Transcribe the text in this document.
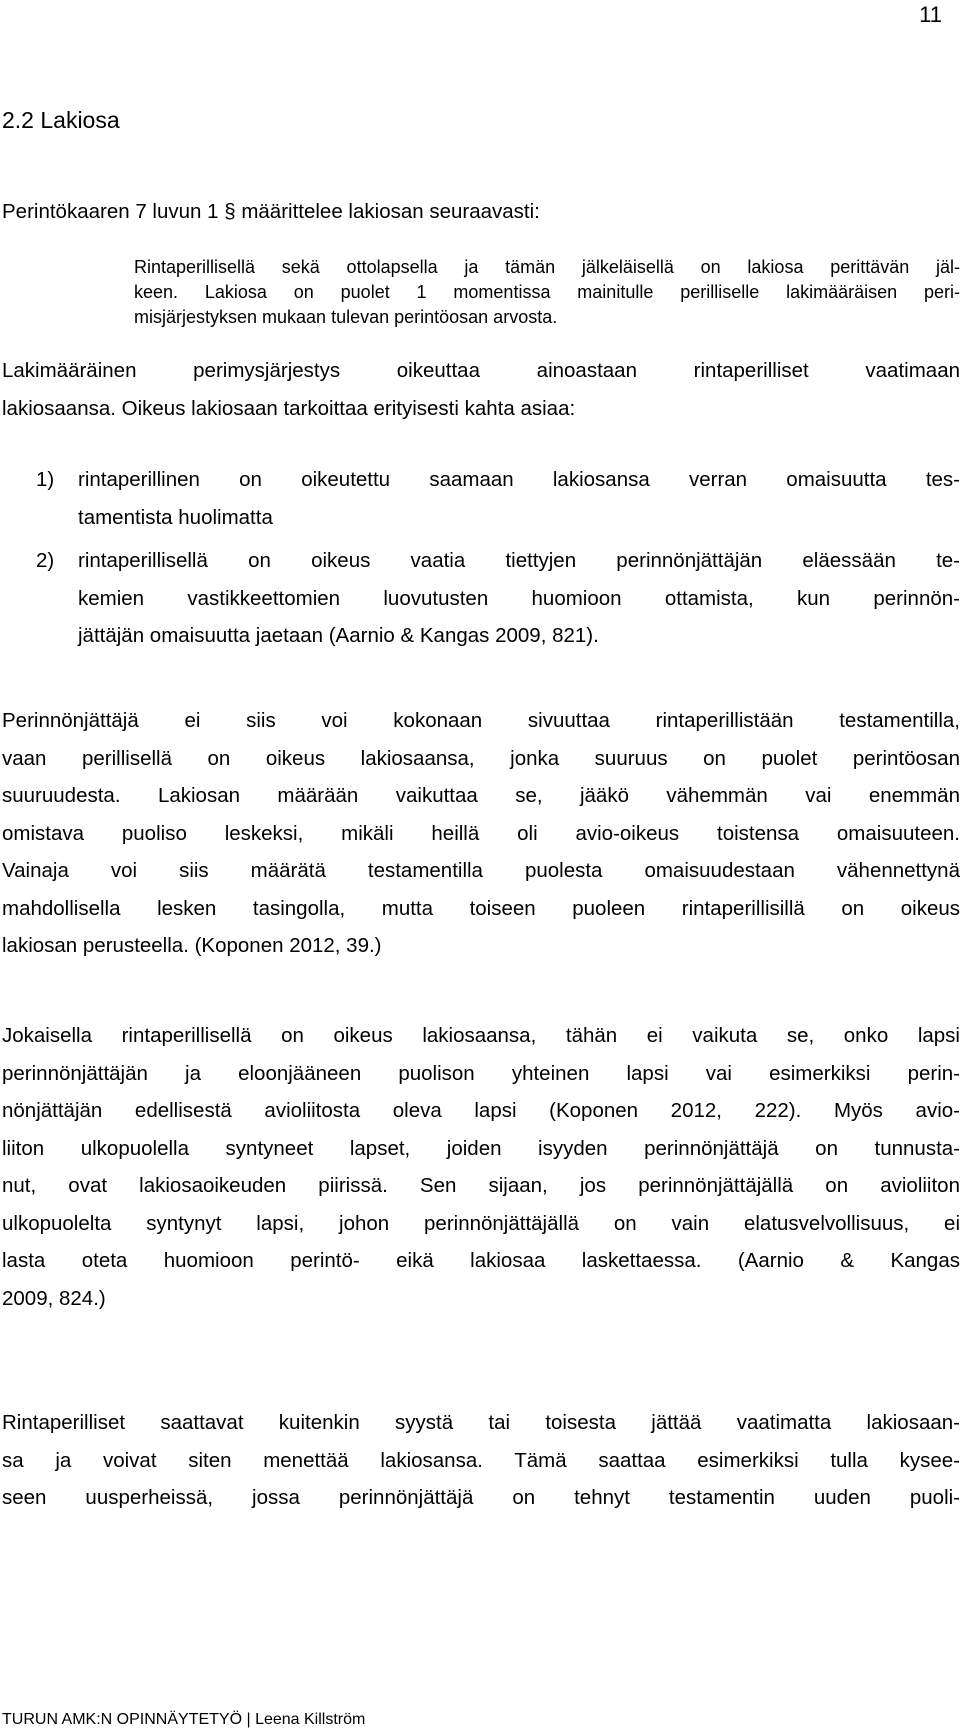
11
2.2 Lakiosa

Perintökaaren 7 luvun 1 § määrittelee lakiosan seuraavasti:

Rintaperillisellä sekä ottolapsella ja tämän jälkeläisellä on lakiosa perittävän jäl-
keen. Lakiosa on puolet 1 momentissa mainitulle perilliselle lakimääräisen peri-
misjärjestyksen mukaan tulevan perintöosan arvosta.
Lakimääräinen perimysjärjestys oikeuttaa ainoastaan rintaperilliset vaatimaan
lakiosaansa. Oikeus lakiosaan tarkoittaa erityisesti kahta asiaa:
1) rintaperillinen on oikeutettu saamaan lakiosansa verran omaisuutta tes-
tamentista huolimatta
2) rintaperillisellä on oikeus vaatia tiettyjen perinnönjättäjän eläessään te-
kemien vastikkeettomien luovutusten huomioon ottamista, kun perinnön-
jättäjän omaisuutta jaetaan (Aarnio & Kangas 2009, 821).
Perinnönjättäjä ei siis voi kokonaan sivuuttaa rintaperillistään testamentilla,
vaan perillisellä on oikeus lakiosaansa, jonka suuruus on puolet perintöosan
suuruudesta. Lakiosan määrään vaikuttaa se, jääkö vähemmän vai enemmän
omistava puoliso leskeksi, mikäli heillä oli avio-oikeus toistensa omaisuuteen.
Vainaja voi siis määrätä testamentilla puolesta omaisuudestaan vähennettynä
mahdollisella lesken tasingolla, mutta toiseen puoleen rintaperillisillä on oikeus
lakiosan perusteella. (Koponen 2012, 39.)
Jokaisella rintaperillisellä on oikeus lakiosaansa, tähän ei vaikuta se, onko lapsi
perinnönjättäjän ja eloonjääneen puolison yhteinen lapsi vai esimerkiksi perin-
nönjättäjän edellisestä avioliitosta oleva lapsi (Koponen 2012, 222). Myös avio-
liiton ulkopuolella syntyneet lapset, joiden isyyden perinnönjättäjä on tunnusta-
nut, ovat lakiosaoikeuden piirissä. Sen sijaan, jos perinnönjättäjällä on avioliiton
ulkopuolelta syntynyt lapsi, johon perinnönjättäjällä on vain elatusvelvollisuus, ei
lasta oteta huomioon perintö- eikä lakiosaa laskettaessa. (Aarnio & Kangas
2009, 824.)
Rintaperilliset saattavat kuitenkin syystä tai toisesta jättää vaatimatta lakiosaan-
sa ja voivat siten menettää lakiosansa. Tämä saattaa esimerkiksi tulla kysee-
seen uusperheissä, jossa perinnönjättäjä on tehnyt testamentin uuden puoli-
TURUN AMK:N OPINNÄYTETYÖ | Leena Killström
